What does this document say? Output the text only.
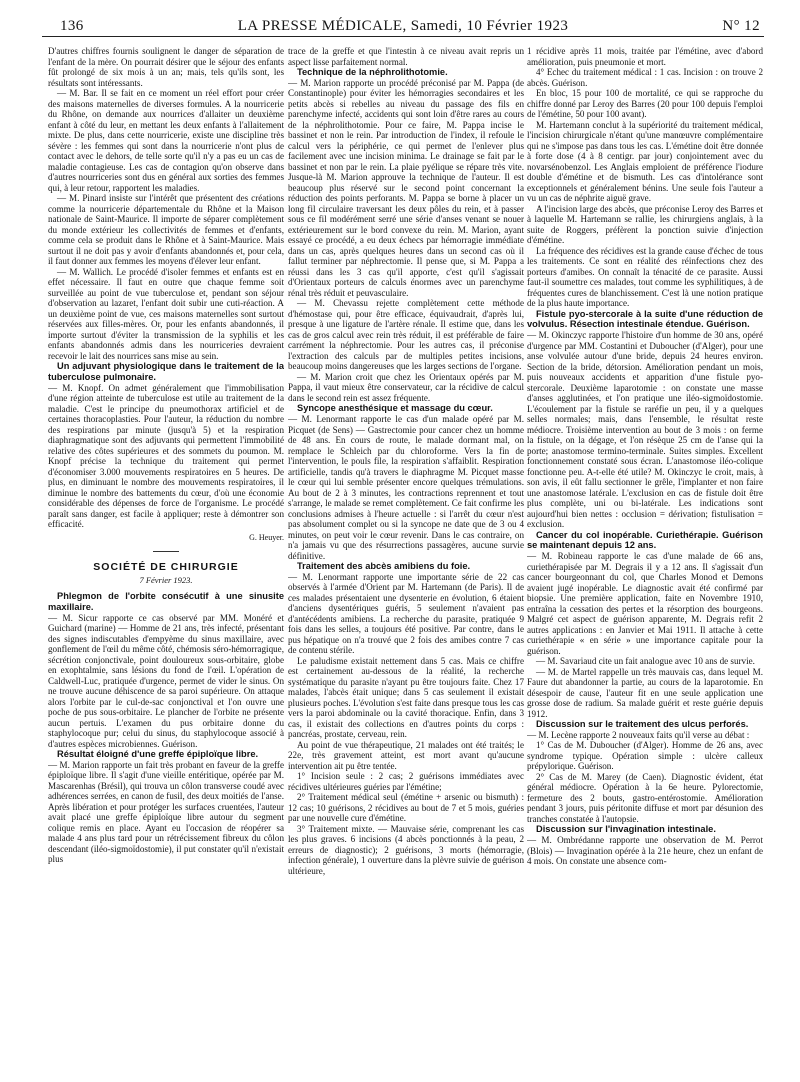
136	LA PRESSE MÉDICALE, Samedi, 10 Février 1923	N° 12

D'autres chiffres fournis soulignent le danger de séparation de l'enfant de la mère. On pourrait désirer que le séjour des enfants fût prolongé de six mois à un an; mais, tels qu'ils sont, les résultats sont intéressants.

— M. Bar. Il se fait en ce moment un réel effort pour créer des maisons maternelles de diverses formules. A la nourricerie du Rhône, on demande aux nourrices d'allaiter un deuxième enfant à côté du leur, en mettant les deux enfants à l'allaitement mixte. De plus, dans cette nourricerie, existe une discipline très sévère : les femmes qui sont dans la nourricerie n'ont plus de contact avec le dehors, de telle sorte qu'il n'y a pas eu un cas de maladie contagieuse. Les cas de contagion qu'on observe dans d'autres nourriceries sont dus en général aux sorties des femmes qui, à leur retour, rapportent les maladies.

— M. Pinard insiste sur l'intérêt que présentent des créations comme la nourricerie départementale du Rhône et la Maison nationale de Saint-Maurice. Il importe de séparer complètement du monde extérieur les collectivités de femmes et d'enfants, comme cela se produit dans le Rhône et à Saint-Maurice. Mais surtout il ne doit pas y avoir d'enfants abandonnés et, pour cela, il faut donner aux femmes les moyens d'élever leur enfant.

— M. Wallich. Le procédé d'isoler femmes et enfants est en effet nécessaire. Il faut en outre que chaque femme soit surveillée au point de vue tuberculose et, pendant son séjour d'observation au lazaret, l'enfant doit subir une cuti-réaction. A un deuxième point de vue, ces maisons maternelles sont surtout réservées aux filles-mères. Or, pour les enfants abandonnés, il importe surtout d'éviter la transmission de la syphilis et les enfants abandonnés admis dans les nourriceries devraient recevoir le lait des nourrices sans mise au sein.

Un adjuvant physiologique dans le traitement de la tuberculose pulmonaire.

— M. Knopf. On admet généralement que l'immobilisation d'une région atteinte de tuberculose est utile au traitement de la maladie. C'est le principe du pneumothorax artificiel et de certaines thoracoplasties. Pour l'auteur, la réduction du nombre des respirations par minute (jusqu'à 5) et la respiration diaphragmatique sont des adjuvants qui permettent l'immobilité relative des côtes supérieures et des sommets du poumon. M. Knopf précise la technique du traitement qui permet d'économiser 3.000 mouvements respiratoires en 5 heures. De plus, en diminuant le nombre des mouvements respiratoires, il diminue le nombre des battements du cœur, d'où une économie considérable des dépenses de force de l'organisme. Le procédé paraît sans danger, est facile à appliquer; reste à démontrer son efficacité.

G. Heuyer.
SOCIÉTÉ DE CHIRURGIE
7 Février 1923.

Phlegmon de l'orbite consécutif à une sinusite maxillaire.

— M. Sicur rapporte ce cas observé par MM. Monéré et Guichard (marine) — Homme de 21 ans, très infecté, présentant des signes indiscutables d'empyème du sinus maxillaire, avec gonflement de l'œil du même côté, chémosis séro-hémorragique, sécrétion conjonctivale, point douloureux sous-orbitaire, globe en exophtalmie, sans lésions du fond de l'œil. L'opération de Caldwell-Luc, pratiquée d'urgence, permet de vider le sinus. On ne trouve aucune déhiscence de sa paroi supérieure. On attaque alors l'orbite par le cul-de-sac conjonctival et l'on ouvre une poche de pus sous-orbitaire. Le plancher de l'orbite ne présente aucun pertuis. L'examen du pus orbitaire donne du staphylocoque pur; celui du sinus, du staphylocoque associé à d'autres espèces microbiennes. Guérison.

Résultat éloigné d'une greffe épiploïque libre.

— M. Marion rapporte un fait très probant en faveur de la greffe épiploïque libre. Il s'agit d'une vieille entéritique, opérée par M. Mascarenhas (Brésil), qui trouva un côlon transverse coudé avec adhérences serrées, en canon de fusil, des deux moitiés de l'anse. Après libération et pour protéger les surfaces cruentées, l'auteur avait placé une greffe épiploïque libre autour du segment colique remis en place. Ayant eu l'occasion de réopérer sa malade 4 ans plus tard pour un rétrécissement fibreux du côlon descendant (iléo-sigmoïdostomie), il put constater qu'il n'existait plus

trace de la greffe et que l'intestin à ce niveau avait repris un aspect lisse parfaitement normal.

Technique de la néphrolithotomie.

— M. Marion rapporte un procédé préconisé par M. Pappa (de Constantinople) pour éviter les hémorragies secondaires et les petits abcès si rebelles au niveau du passage des fils en parenchyme infecté, accidents qui sont loin d'être rares au cours de la néphrolithotomie. Pour ce faire, M. Pappa incise le bassinet et non le rein. Par introduction de l'index, il refoule le calcul vers la périphérie, ce qui permet de l'enlever plus facilement avec une incision minima. Le drainage se fait par le bassinet et non par le rein. La plaie pyélique se répare très vite. Jusque-là M. Marion approuve la technique de l'auteur. Il est beaucoup plus réservé sur le second point concernant la réduction des points perforants. M. Pappa se borne à placer un long fil circulaire traversant les deux pôles du rein, et à passer sous ce fil modérément serré une série d'anses venant se nouer extérieurement sur le bord convexe du rein. M. Marion, ayant essayé ce procédé, a eu deux échecs par hémorragie immédiate dans un cas, après quelques heures dans un second cas où il fallut terminer par néphrectomie. Il pense que, si M. Pappa a réussi dans les 3 cas qu'il apporte, c'est qu'il s'agissait d'Orientaux porteurs de calculs énormes avec un parenchyme rénal très réduit et peuvasculaire.

— M. Chevassu rejette complètement cette méthode d'hémostase qui, pour être efficace, équivaudrait, d'après lui, presque à une ligature de l'artère rénale. Il estime que, dans les cas de gros calcul avec rein très réduit, il est préférable de faire carrément la néphrectomie. Pour les autres cas, il préconise l'extraction des calculs par de multiples petites incisions, beaucoup moins dangereuses que les larges sections de l'organe.

— M. Marion croit que chez les Orientaux opérés par M. Pappa, il vaut mieux être conservateur, car la récidive de calcul dans le second rein est assez fréquente.

Syncope anesthésique et massage du cœur.

— M. Lenormant rapporte le cas d'un malade opéré par M. Picquet (de Sens) — Gastrectomie pour cancer chez un homme de 48 ans. En cours de route, le malade dormant mal, on remplace le Schleich par du chloroforme. Vers la fin de l'intervention, le pouls file, la respiration s'affaiblit. Respiration artificielle, tandis qu'à travers le diaphragme M. Picquet masse le cœur qui lui semble présenter encore quelques trémulations. Au bout de 2 à 3 minutes, les contractions reprennent et tout s'arrange, le malade se remet complètement. Ce fait confirme les conclusions admises à l'heure actuelle : si l'arrêt du cœur n'est pas absolument complet ou si la syncope ne date que de 3 ou 4 minutes, on peut voir le cœur revenir. Dans le cas contraire, on n'a jamais vu que des résurrections passagères, aucune survie définitive.

Traitement des abcès amibiens du foie.

— M. Lenormant rapporte une importante série de 22 cas observés à l'armée d'Orient par M. Hartemann (de Paris). Il de ces malades présentaient une dysenterie en évolution, 6 étaient d'anciens dysentériques guéris, 5 seulement n'avaient pas d'antécédents amibiens. La recherche du parasite, pratiquée 9 fois dans les selles, a toujours été positive. Par contre, dans le pus hépatique on n'a trouvé que 2 fois des amibes contre 7 cas de contenu stérile.

Le paludisme existait nettement dans 5 cas. Mais ce chiffre est certainement au-dessous de la réalité, la recherche systématique du parasite n'ayant pu être toujours faite. Chez 17 malades, l'abcès était unique; dans 5 cas seulement il existait plusieurs poches. L'évolution s'est faite dans presque tous les cas vers la paroi abdominale ou la cavité thoracique. Enfin, dans 3 cas, il existait des collections en d'autres points du corps : pancréas, prostate, cerveau, rein.

Au point de vue thérapeutique, 21 malades ont été traités; le 22e, très gravement atteint, est mort avant qu'aucune intervention ait pu être tentée.

1° Incision seule : 2 cas; 2 guérisons immédiates avec récidives ultérieures guéries par l'émétine;

2° Traitement médical seul (émétine + arsenic ou bismuth) : 12 cas; 10 guérisons, 2 récidives au bout de 7 et 5 mois, guéries par une nouvelle cure d'émétine.

3° Traitement mixte. — Mauvaise série, comprenant les cas les plus graves. 6 incisions (4 abcès ponctionnés à la peau, 2 erreurs de diagnostic); 2 guérisons, 3 morts (hémorragie, infection générale), 1 ouverture dans la plèvre suivie de guérison ultérieure,

1 récidive après 11 mois, traitée par l'émétine, avec d'abord amélioration, puis pneumonie et mort.

4° Echec du traitement médical : 1 cas. Incision : on trouve 2 abcès. Guérison.

En bloc, 15 pour 100 de mortalité, ce qui se rapproche du chiffre donné par Leroy des Barres (20 pour 100 depuis l'emploi de l'émétine, 50 pour 100 avant).

M. Hartemann conclut à la supériorité du traitement médical, l'incision chirurgicale n'étant qu'une manœuvre complémentaire qui ne s'impose pas dans tous les cas. L'émétine doit être donnée à forte dose (4 à 8 centigr. par jour) conjointement avec du novarsénobenzol. Les Anglais emploient de préférence l'iodure double d'émétine et de bismuth. Les cas d'intolérance sont exceptionnels et généralement bénins. Une seule fois l'auteur a vu un cas de néphrite aiguë grave.

A l'incision large des abcès, que préconise Leroy des Barres et à laquelle M. Hartemann se rallie, les chirurgiens anglais, à la suite de Roggers, préfèrent la ponction suivie d'injection d'émétine.

La fréquence des récidives est la grande cause d'échec de tous les traitements. Ce sont en réalité des réinfections chez des porteurs d'amibes. On connaît la ténacité de ce parasite. Aussi faut-il soumettre ces malades, tout comme les syphilitiques, à de fréquentes cures de blanchissement. C'est là une notion pratique de la plus haute importance.

Fistule pyo-stercorale à la suite d'une réduction de volvulus. Résection intestinale étendue. Guérison.

— M. Okinczyc rapporte l'histoire d'un homme de 30 ans, opéré d'urgence par MM. Costantini et Duboucher (d'Alger), pour une anse volvulée autour d'une bride, depuis 24 heures environ. Section de la bride, détorsion. Amélioration pendant un mois, puis nouveaux accidents et apparition d'une fistule pyo-stercorale. Deuxième laparotomie : on constate une masse d'anses agglutinées, et l'on pratique une iléo-sigmoïdostomie. L'écoulement par la fistule se raréfie un peu, il y a quelques selles normales; mais, dans l'ensemble, le résultat reste médiocre. Troisième intervention au bout de 3 mois : on ferme la fistule, on la dégage, et l'on résèque 25 cm de l'anse qui la porte; anastomose termino-terminale. Suites simples. Excellent fonctionnement constaté sous écran. L'anastomose iléo-colique fonctionne peu. A-t-elle été utile? M. Okinczyc le croit, mais, à son avis, il eût fallu sectionner le grêle, l'implanter et non faire une anastomose latérale. L'exclusion en cas de fistule doit être plus complète, uni ou bi-latérale. Les indications sont aujourd'hui bien nettes : occlusion = dérivation; fistulisation = exclusion.

Cancer du col inopérable. Curiethérapie. Guérison se maintenant depuis 12 ans.

— M. Robineau rapporte le cas d'une malade de 66 ans, curiethérapisée par M. Degrais il y a 12 ans. Il s'agissait d'un cancer bourgeonnant du col, que Charles Monod et Demons avaient jugé inopérable. Le diagnostic avait été confirmé par biopsie. Une première application, faite en Novembre 1910, entraîna la cessation des pertes et la résorption des bourgeons. Malgré cet aspect de guérison apparente, M. Degrais refit 2 autres applications : en Janvier et Mai 1911. Il attache à cette curiethérapie « en série » une importance capitale pour la guérison.

— M. Savariaud cite un fait analogue avec 10 ans de survie.

— M. de Martel rappelle un très mauvais cas, dans lequel M. Faure dut abandonner la partie, au cours de la laparotomie. En désespoir de cause, l'auteur fit en une seule application une grosse dose de radium. Sa malade guérit et reste guérie depuis 1912.

Discussion sur le traitement des ulcus perforés.

— M. Lecène rapporte 2 nouveaux faits qu'il verse au débat :

1° Cas de M. Duboucher (d'Alger). Homme de 26 ans, avec syndrome typique. Opération simple : ulcère calleux prépylorique. Guérison.

2° Cas de M. Marey (de Caen). Diagnostic évident, état général médiocre. Opération à la 6e heure. Pylorectomie, fermeture des 2 bouts, gastro-entérostomie. Amélioration pendant 3 jours, puis péritonite diffuse et mort par désunion des tranches constatée à l'autopsie.

Discussion sur l'invagination intestinale.

— M. Ombrédanne rapporte une observation de M. Perrot (Blois) — Invagination opérée à la 21e heure, chez un enfant de 4 mois. On constate une absence com-
